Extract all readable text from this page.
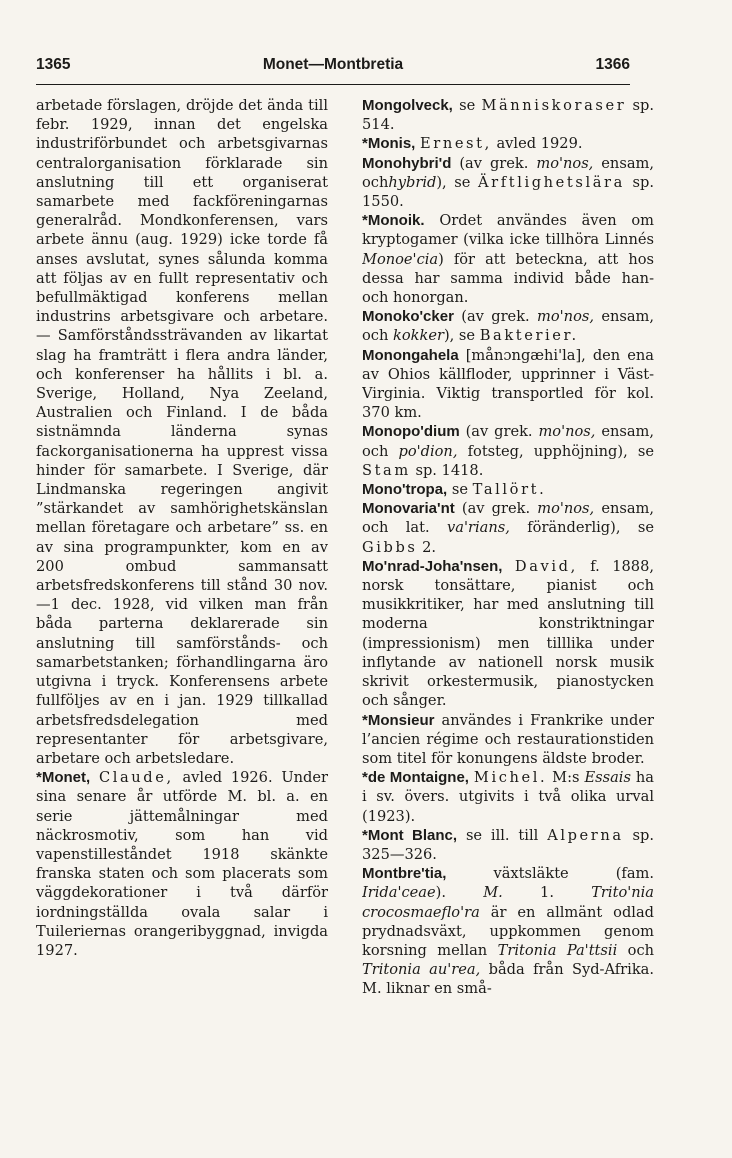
1365	Monet—Montbretia	1366

arbetade förslagen, dröjde det ända till febr. 1929, innan det engelska industriförbundet och arbetsgivarnas centralorganisation förklarade sin anslutning till ett organiserat samarbete med fackföreningarnas generalråd. Mondkonferensen, vars arbete ännu (aug. 1929) icke torde få anses avslutat, synes sålunda komma att följas av en fullt representativ och befullmäktigad konferens mellan industrins arbetsgivare och arbetare. — Samförståndssträvanden av likartat slag ha framträtt i flera andra länder, och konferenser ha hållits i bl. a. Sverige, Holland, Nya Zeeland, Australien och Finland. I de båda sistnämnda länderna synas fackorganisationerna ha upprest vissa hinder för samarbete. I Sverige, där Lindmanska regeringen angivit ”stärkandet av samhörighetskänslan mellan företagare och arbetare” ss. en av sina programpunkter, kom en av 200 ombud sammansatt arbetsfredskonferens till stånd 30 nov. —1 dec. 1928, vid vilken man från båda parterna deklarerade sin anslutning till samförstånds- och samarbetstanken; förhandlingarna äro utgivna i tryck. Konferensens arbete fullföljes av en i jan. 1929 tillkallad arbetsfredsdelegation med representanter för arbetsgivare, arbetare och arbetsledare.

*Monet, Claude, avled 1926. Under sina senare år utförde M. bl. a. en serie jättemålningar med näckrosmotiv, som han vid vapenstilleståndet 1918 skänkte franska staten och som placerats som väggdekorationer i två därför iordningställda ovala salar i Tuileriernas orangeribyggnad, invigda 1927.

Mongolveck, se Människoraser sp. 514.

*Monis, Ernest, avled 1929.

Monohybri'd (av grek. mo'nos, ensam, ochhybrid), se Ärftlighetslära sp. 1550.

*Monoik. Ordet användes även om kryptogamer (vilka icke tillhöra Linnés Monoe'cia) för att beteckna, att hos dessa har samma individ både han- och honorgan.

Monoko'cker (av grek. mo'nos, ensam, och kokker), se Bakterier.

Monongahela [månɔngæhi'la], den ena av Ohios källfloder, upprinner i Väst-Virginia. Viktig transportled för kol. 370 km.

Monopo'dium (av grek. mo'nos, ensam, och po'dion, fotsteg, upphöjning), se Stam sp. 1418.

Mono'tropa, se Tallört.

Monovaria'nt (av grek. mo'nos, ensam, och lat. va'rians, föränderlig), se Gibbs 2.

Mo'nrad-Joha'nsen, David, f. 1888, norsk tonsättare, pianist och musikkritiker, har med anslutning till moderna konstriktningar (impressionism) men tilllika under inflytande av nationell norsk musik skrivit orkestermusik, pianostycken och sånger.

*Monsieur användes i Frankrike under l’ancien régime och restaurationstiden som titel för konungens äldste broder.

*de Montaigne, Michel. M:s Essais ha i sv. övers. utgivits i två olika urval (1923).

*Mont Blanc, se ill. till Alperna sp. 325—326.

Montbre'tia,	växtsläkte (fam. Irida'ceae).	M.	1.	Trito'nia crocosmaeflo'ra är en allmänt odlad prydnadsväxt, uppkommen genom korsning mellan Tritonia Pa'ttsii och Tritonia au'rea, båda från Syd-Afrika. M. liknar en små-
